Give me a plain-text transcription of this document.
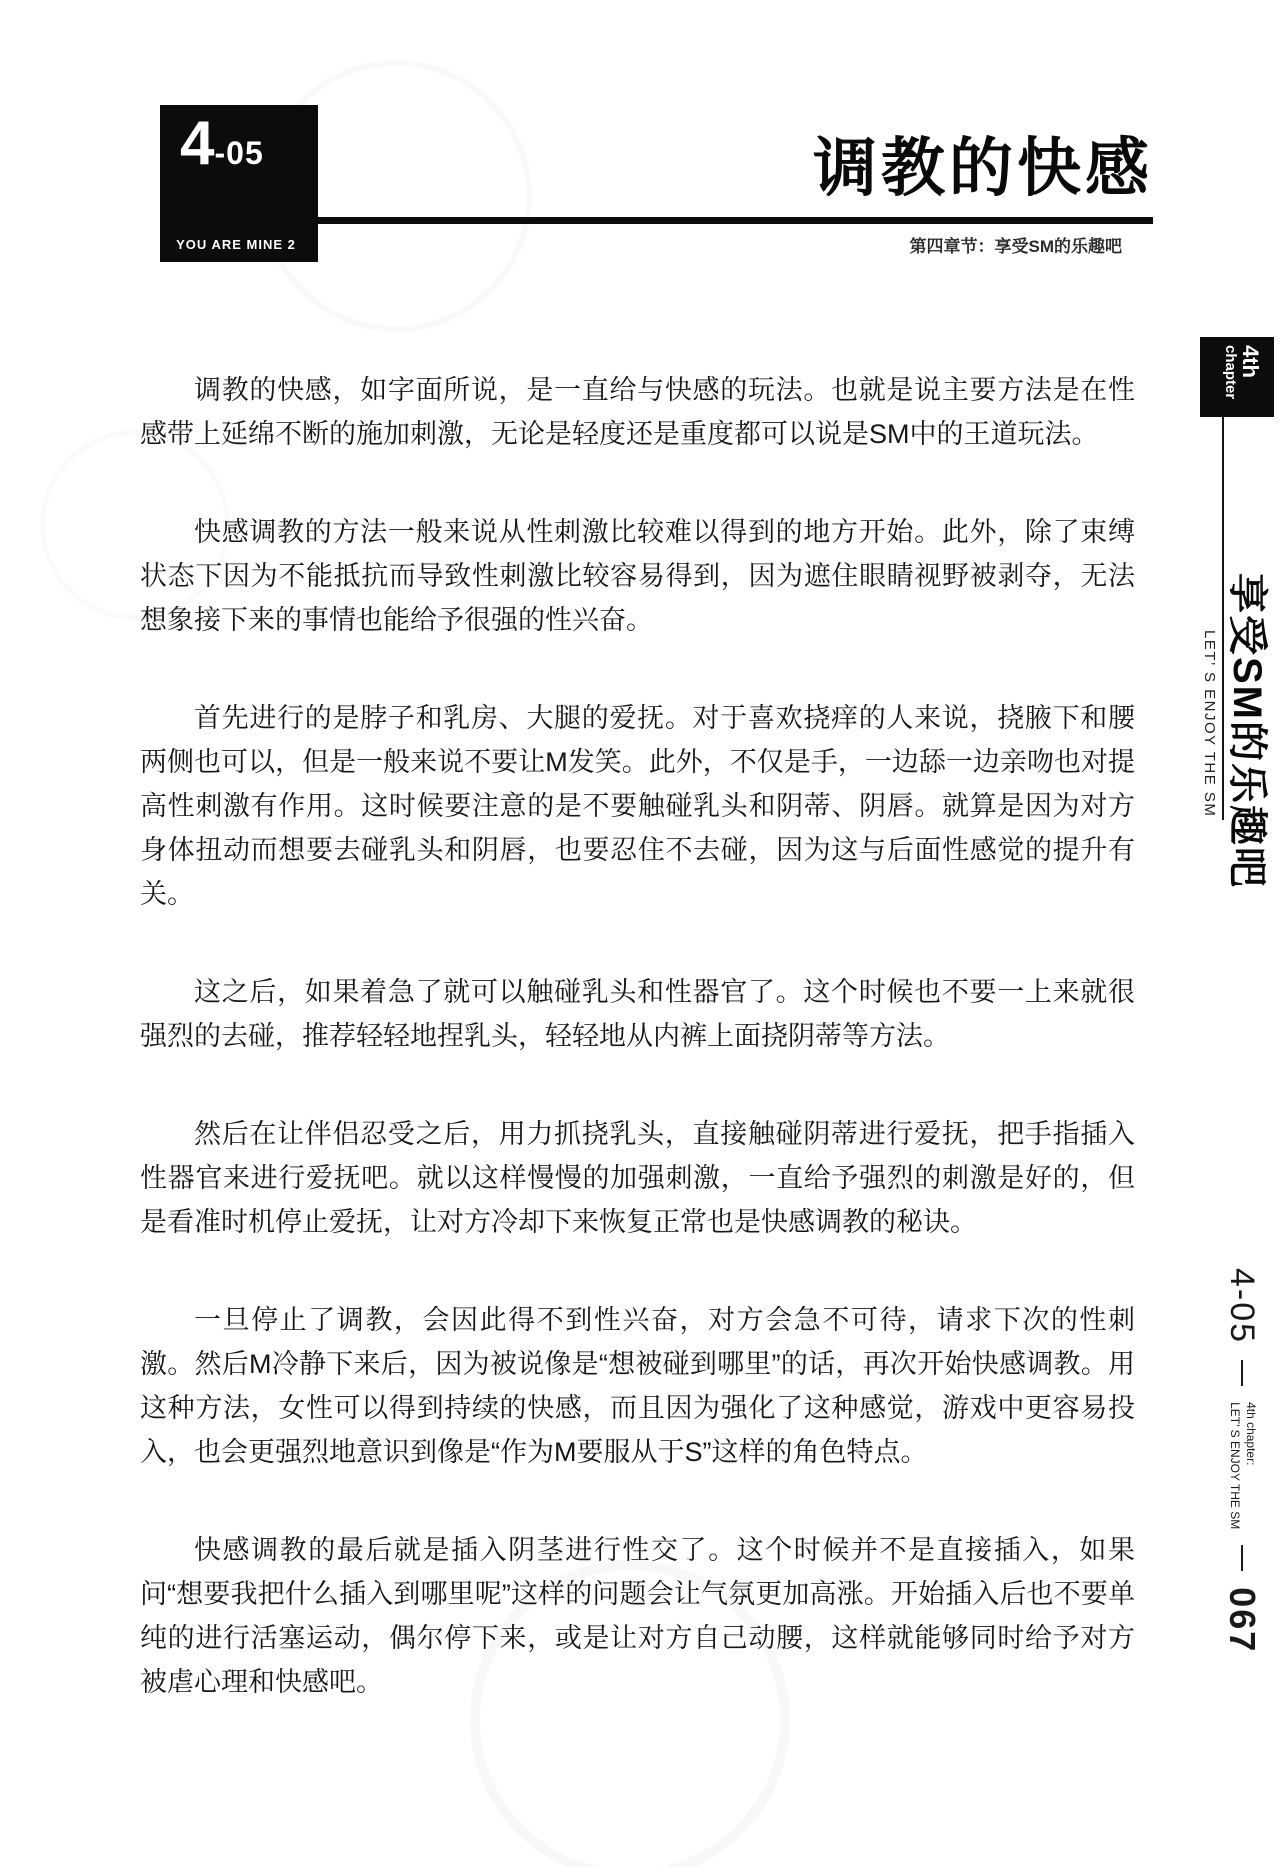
4 -05
YOU ARE MINE 2
调教的快感
第四章节：享受SM的乐趣吧
4th
chapter
享受SM的乐趣吧
LET’ S ENJOY THE SM
4-05
4th chapter:
LET’ S ENJOY THE SM
067

调教的快感，如字面所说，是一直给与快感的玩法。也就是说主要方法是在性感带上延绵不断的施加刺激，无论是轻度还是重度都可以说是SM中的王道玩法。

快感调教的方法一般来说从性刺激比较难以得到的地方开始。此外，除了束缚状态下因为不能抵抗而导致性刺激比较容易得到，因为遮住眼睛视野被剥夺，无法想象接下来的事情也能给予很强的性兴奋。

首先进行的是脖子和乳房、大腿的爱抚。对于喜欢挠痒的人来说，挠腋下和腰两侧也可以，但是一般来说不要让M发笑。此外，不仅是手，一边舔一边亲吻也对提高性刺激有作用。这时候要注意的是不要触碰乳头和阴蒂、阴唇。就算是因为对方身体扭动而想要去碰乳头和阴唇，也要忍住不去碰，因为这与后面性感觉的提升有关。

这之后，如果着急了就可以触碰乳头和性器官了。这个时候也不要一上来就很强烈的去碰，推荐轻轻地捏乳头，轻轻地从内裤上面挠阴蒂等方法。

然后在让伴侣忍受之后，用力抓挠乳头，直接触碰阴蒂进行爱抚，把手指插入性器官来进行爱抚吧。就以这样慢慢的加强刺激，一直给予强烈的刺激是好的，但是看准时机停止爱抚，让对方冷却下来恢复正常也是快感调教的秘诀。

一旦停止了调教，会因此得不到性兴奋，对方会急不可待，请求下次的性刺激。然后M冷静下来后，因为被说像是“想被碰到哪里”的话，再次开始快感调教。用这种方法，女性可以得到持续的快感，而且因为强化了这种感觉，游戏中更容易投入，也会更强烈地意识到像是“作为M要服从于S”这样的角色特点。

快感调教的最后就是插入阴茎进行性交了。这个时候并不是直接插入，如果问“想要我把什么插入到哪里呢”这样的问题会让气氛更加高涨。开始插入后也不要单纯的进行活塞运动，偶尔停下来，或是让对方自己动腰，这样就能够同时给予对方被虐心理和快感吧。
